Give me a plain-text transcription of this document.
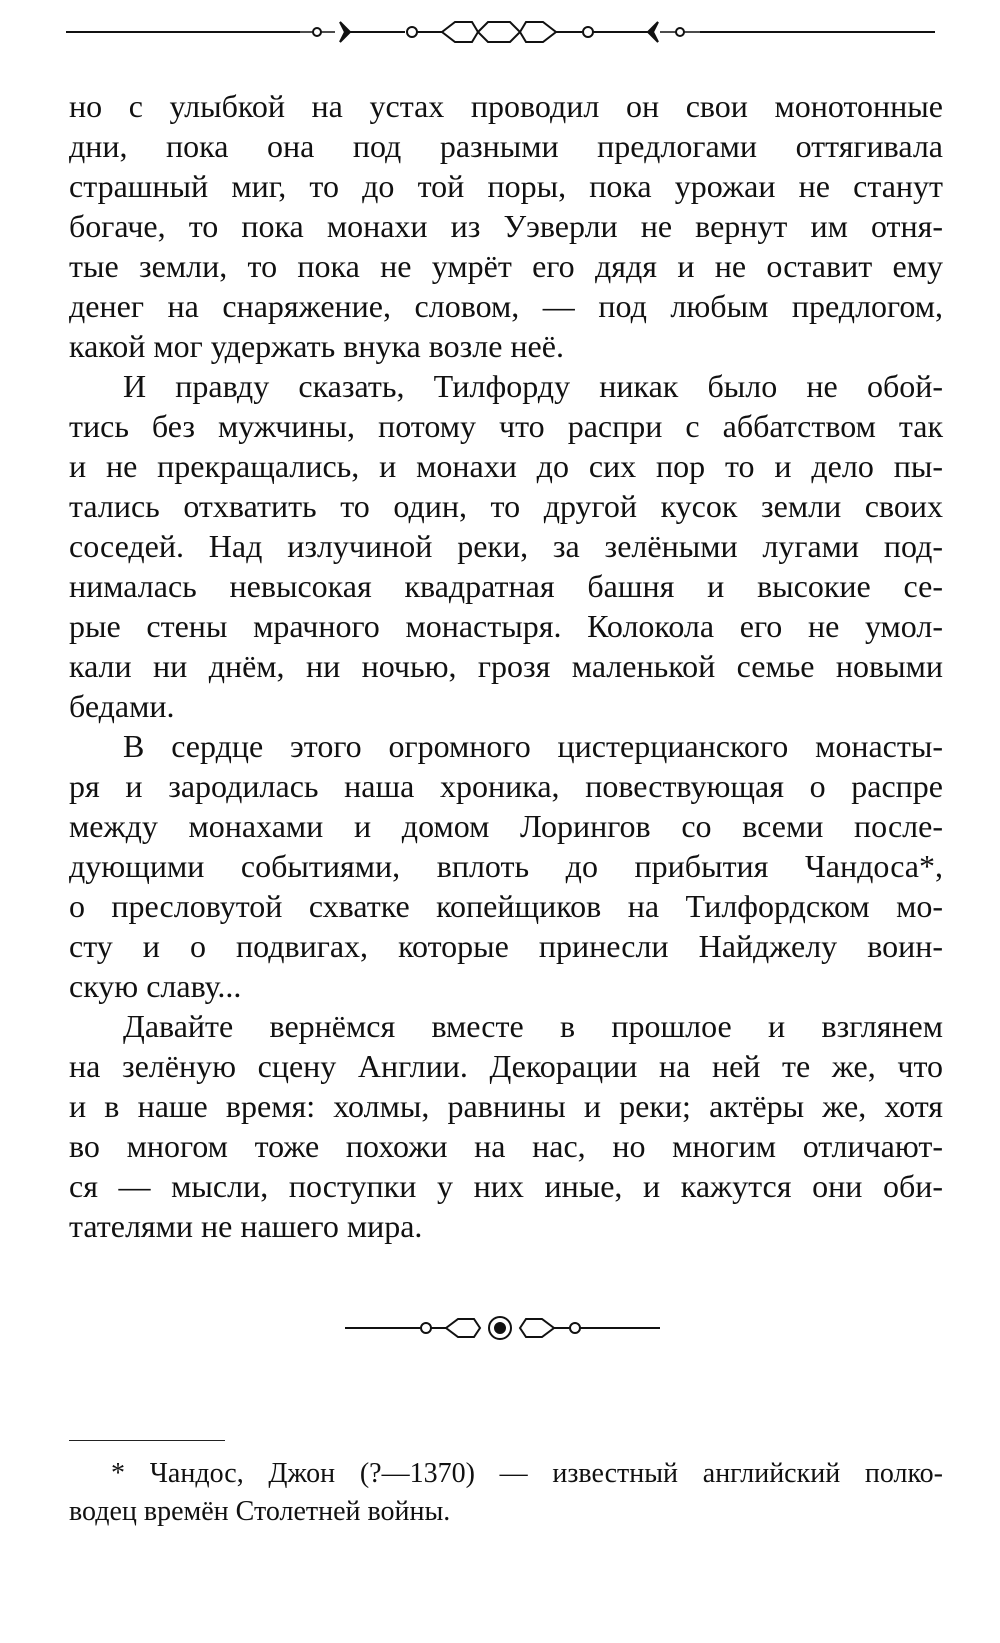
но с улыбкой на устах проводил он свои монотонные
дни, пока она под разными предлогами оттягивала
страшный миг, то до той поры, пока урожаи не станут
богаче, то пока монахи из Уэверли не вернут им отня-
тые земли, то пока не умрёт его дядя и не оставит ему
денег на снаряжение, словом, — под любым предлогом,
какой мог удержать внука возле неё.
И правду сказать, Тилфорду никак было не обой-
тись без мужчины, потому что распри с аббатством так
и не прекращались, и монахи до сих пор то и дело пы-
тались отхватить то один, то другой кусок земли своих
соседей. Над излучиной реки, за зелёными лугами под-
нималась невысокая квадратная башня и высокие се-
рые стены мрачного монастыря. Колокола его не умол-
кали ни днём, ни ночью, грозя маленькой семье новыми
бедами.
В сердце этого огромного цистерцианского монасты-
ря и зародилась наша хроника, повествующая о распре
между монахами и домом Лорингов со всеми после-
дующими событиями, вплоть до прибытия Чандоса*,
о пресловутой схватке копейщиков на Тилфордском мо-
сту и о подвигах, которые принесли Найджелу воин-
скую славу...
Давайте вернёмся вместе в прошлое и взглянем
на зелёную сцену Англии. Декорации на ней те же, что
и в наше время: холмы, равнины и реки; актёры же, хотя
во многом тоже похожи на нас, но многим отличают-
ся — мысли, поступки у них иные, и кажутся они оби-
тателями не нашего мира.
* Чандос, Джон (?—1370) — известный английский полко-
водец времён Столетней войны.
